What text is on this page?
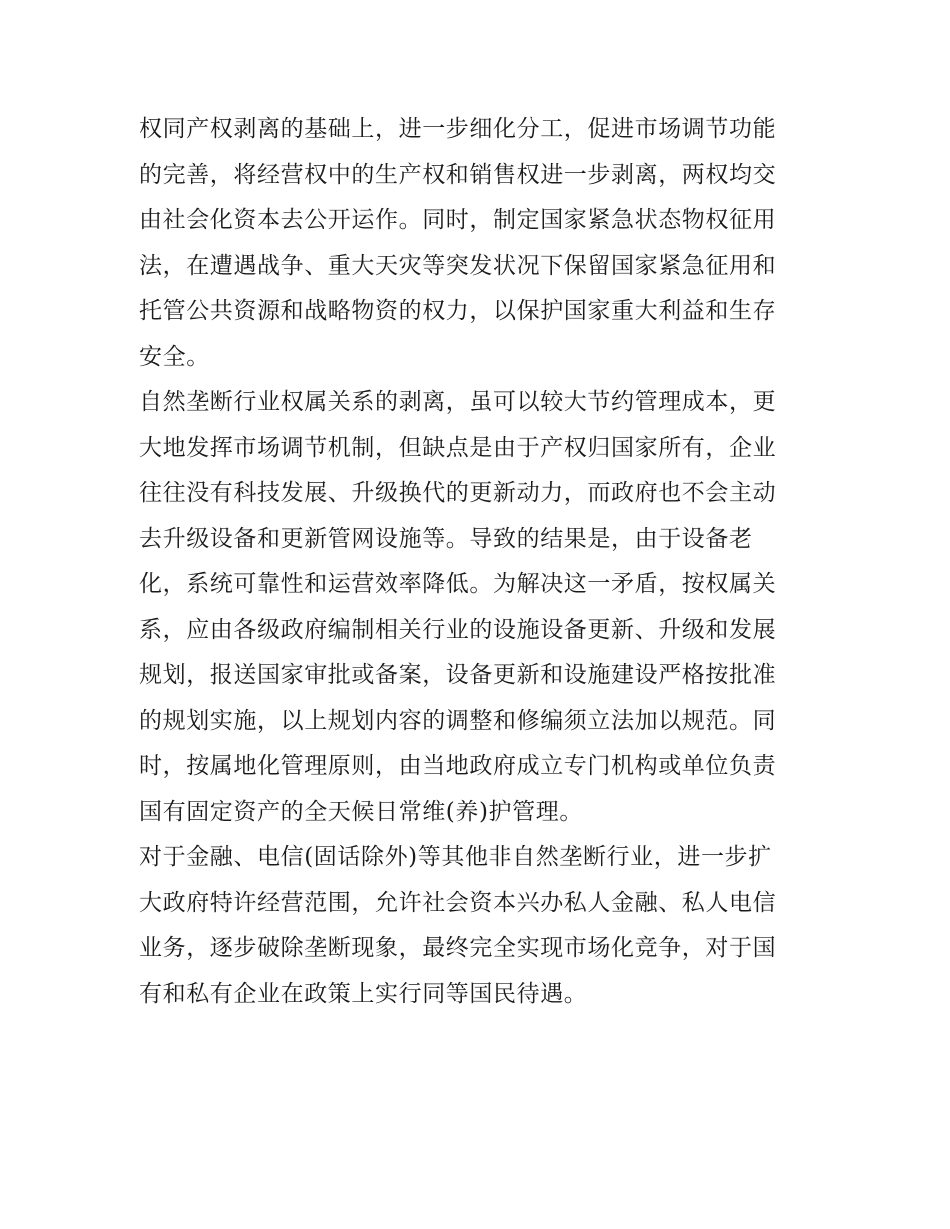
权同产权剥离的基础上，进一步细化分工，促进市场调节功能
的完善，将经营权中的生产权和销售权进一步剥离，两权均交
由社会化资本去公开运作。同时，制定国家紧急状态物权征用
法，在遭遇战争、重大天灾等突发状况下保留国家紧急征用和
托管公共资源和战略物资的权力，以保护国家重大利益和生存
安全。
自然垄断行业权属关系的剥离，虽可以较大节约管理成本，更
大地发挥市场调节机制，但缺点是由于产权归国家所有，企业
往往没有科技发展、升级换代的更新动力，而政府也不会主动
去升级设备和更新管网设施等。导致的结果是，由于设备老
化，系统可靠性和运营效率降低。为解决这一矛盾，按权属关
系，应由各级政府编制相关行业的设施设备更新、升级和发展
规划，报送国家审批或备案，设备更新和设施建设严格按批准
的规划实施，以上规划内容的调整和修编须立法加以规范。同
时，按属地化管理原则，由当地政府成立专门机构或单位负责
国有固定资产的全天候日常维(养)护管理。
对于金融、电信(固话除外)等其他非自然垄断行业，进一步扩
大政府特许经营范围，允许社会资本兴办私人金融、私人电信
业务，逐步破除垄断现象，最终完全实现市场化竞争，对于国
有和私有企业在政策上实行同等国民待遇。
